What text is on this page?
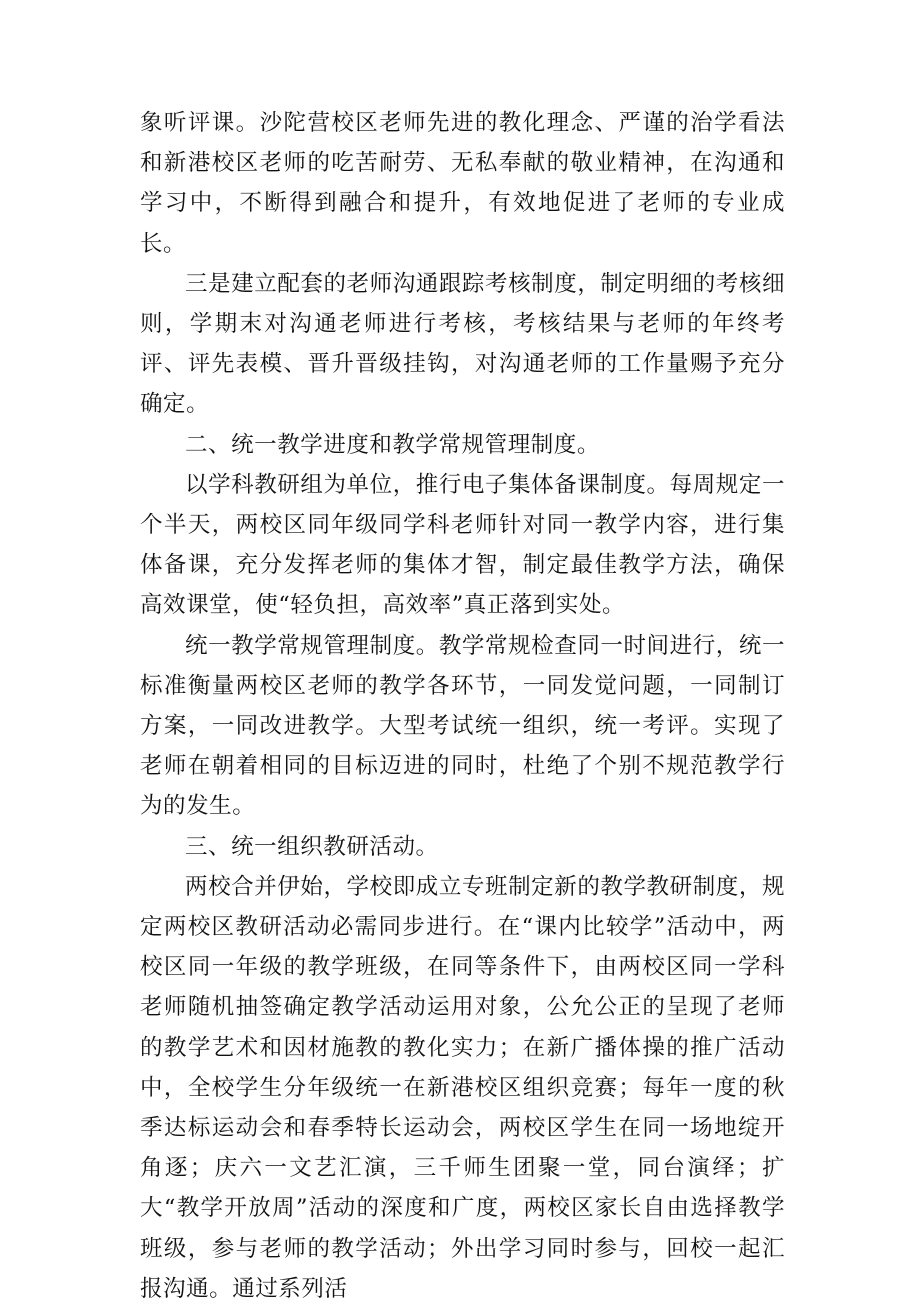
象听评课。沙陀营校区老师先进的教化理念、严谨的治学看法和新港校区老师的吃苦耐劳、无私奉献的敬业精神，在沟通和学习中，不断得到融合和提升，有效地促进了老师的专业成长。

三是建立配套的老师沟通跟踪考核制度，制定明细的考核细则，学期末对沟通老师进行考核，考核结果与老师的年终考评、评先表模、晋升晋级挂钩，对沟通老师的工作量赐予充分确定。

二、统一教学进度和教学常规管理制度。

以学科教研组为单位，推行电子集体备课制度。每周规定一个半天，两校区同年级同学科老师针对同一教学内容，进行集体备课，充分发挥老师的集体才智，制定最佳教学方法，确保高效课堂，使“轻负担，高效率”真正落到实处。

统一教学常规管理制度。教学常规检查同一时间进行，统一标准衡量两校区老师的教学各环节，一同发觉问题，一同制订方案，一同改进教学。大型考试统一组织，统一考评。实现了老师在朝着相同的目标迈进的同时，杜绝了个别不规范教学行为的发生。

三、统一组织教研活动。

两校合并伊始，学校即成立专班制定新的教学教研制度，规定两校区教研活动必需同步进行。在“课内比较学”活动中，两校区同一年级的教学班级，在同等条件下，由两校区同一学科老师随机抽签确定教学活动运用对象，公允公正的呈现了老师的教学艺术和因材施教的教化实力；在新广播体操的推广活动中，全校学生分年级统一在新港校区组织竞赛；每年一度的秋季达标运动会和春季特长运动会，两校区学生在同一场地绽开角逐；庆六一文艺汇演，三千师生团聚一堂，同台演绎；扩大“教学开放周”活动的深度和广度，两校区家长自由选择教学班级，参与老师的教学活动；外出学习同时参与，回校一起汇报沟通。通过系列活
